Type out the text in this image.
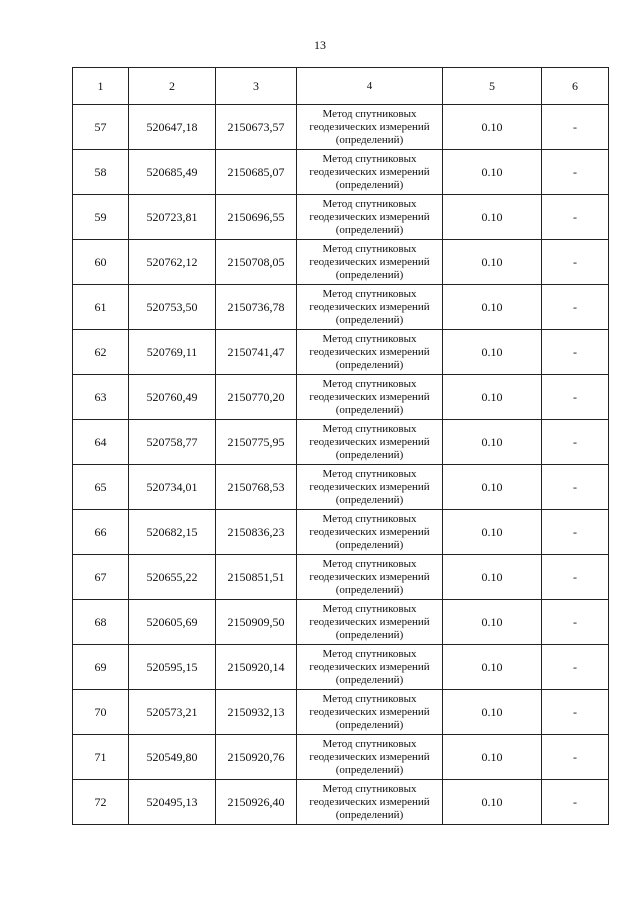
13
1	2	3	4	5	6
57	520647,18	2150673,57	Метод спутниковых
геодезических измерений
(определений)	0.10	-
58	520685,49	2150685,07	Метод спутниковых
геодезических измерений
(определений)	0.10	-
59	520723,81	2150696,55	Метод спутниковых
геодезических измерений
(определений)	0.10	-
60	520762,12	2150708,05	Метод спутниковых
геодезических измерений
(определений)	0.10	-
61	520753,50	2150736,78	Метод спутниковых
геодезических измерений
(определений)	0.10	-
62	520769,11	2150741,47	Метод спутниковых
геодезических измерений
(определений)	0.10	-
63	520760,49	2150770,20	Метод спутниковых
геодезических измерений
(определений)	0.10	-
64	520758,77	2150775,95	Метод спутниковых
геодезических измерений
(определений)	0.10	-
65	520734,01	2150768,53	Метод спутниковых
геодезических измерений
(определений)	0.10	-
66	520682,15	2150836,23	Метод спутниковых
геодезических измерений
(определений)	0.10	-
67	520655,22	2150851,51	Метод спутниковых
геодезических измерений
(определений)	0.10	-
68	520605,69	2150909,50	Метод спутниковых
геодезических измерений
(определений)	0.10	-
69	520595,15	2150920,14	Метод спутниковых
геодезических измерений
(определений)	0.10	-
70	520573,21	2150932,13	Метод спутниковых
геодезических измерений
(определений)	0.10	-
71	520549,80	2150920,76	Метод спутниковых
геодезических измерений
(определений)	0.10	-
72	520495,13	2150926,40	Метод спутниковых
геодезических измерений
(определений)	0.10	-
